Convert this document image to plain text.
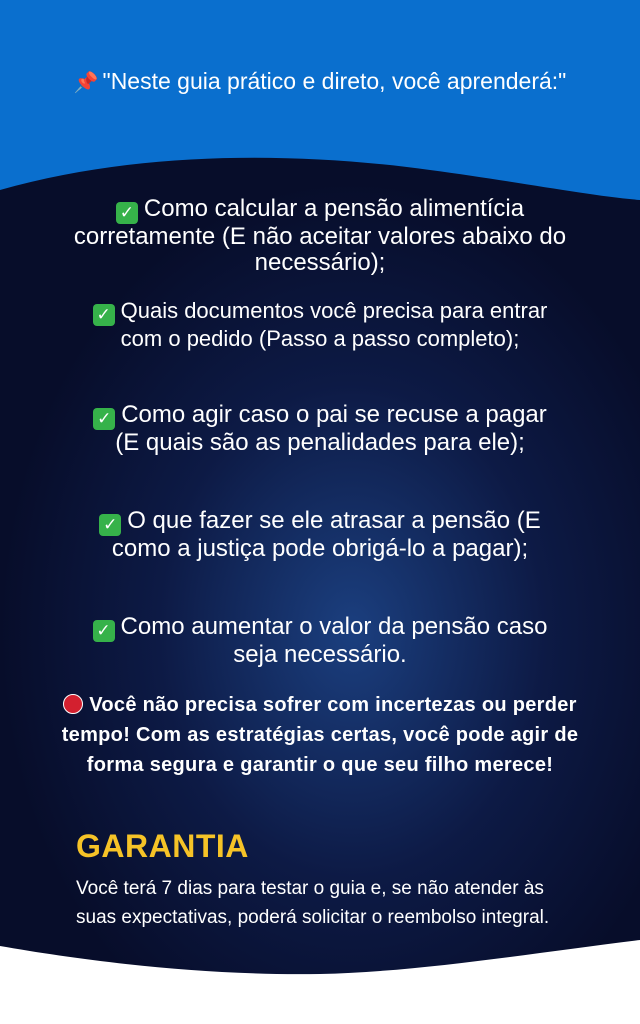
📌 "Neste guia prático e direto, você aprenderá:"
✓ Como calcular a pensão alimentícia corretamente (E não aceitar valores abaixo do necessário);
✓ Quais documentos você precisa para entrar com o pedido (Passo a passo completo);
✓ Como agir caso o pai se recuse a pagar (E quais são as penalidades para ele);
✓ O que fazer se ele atrasar a pensão (E como a justiça pode obrigá-lo a pagar);
✓ Como aumentar o valor da pensão caso seja necessário.
Você não precisa sofrer com incertezas ou perder tempo! Com as estratégias certas, você pode agir de forma segura e garantir o que seu filho merece!
GARANTIA
Você terá 7 dias para testar o guia e, se não atender às suas expectativas, poderá solicitar o reembolso integral.
